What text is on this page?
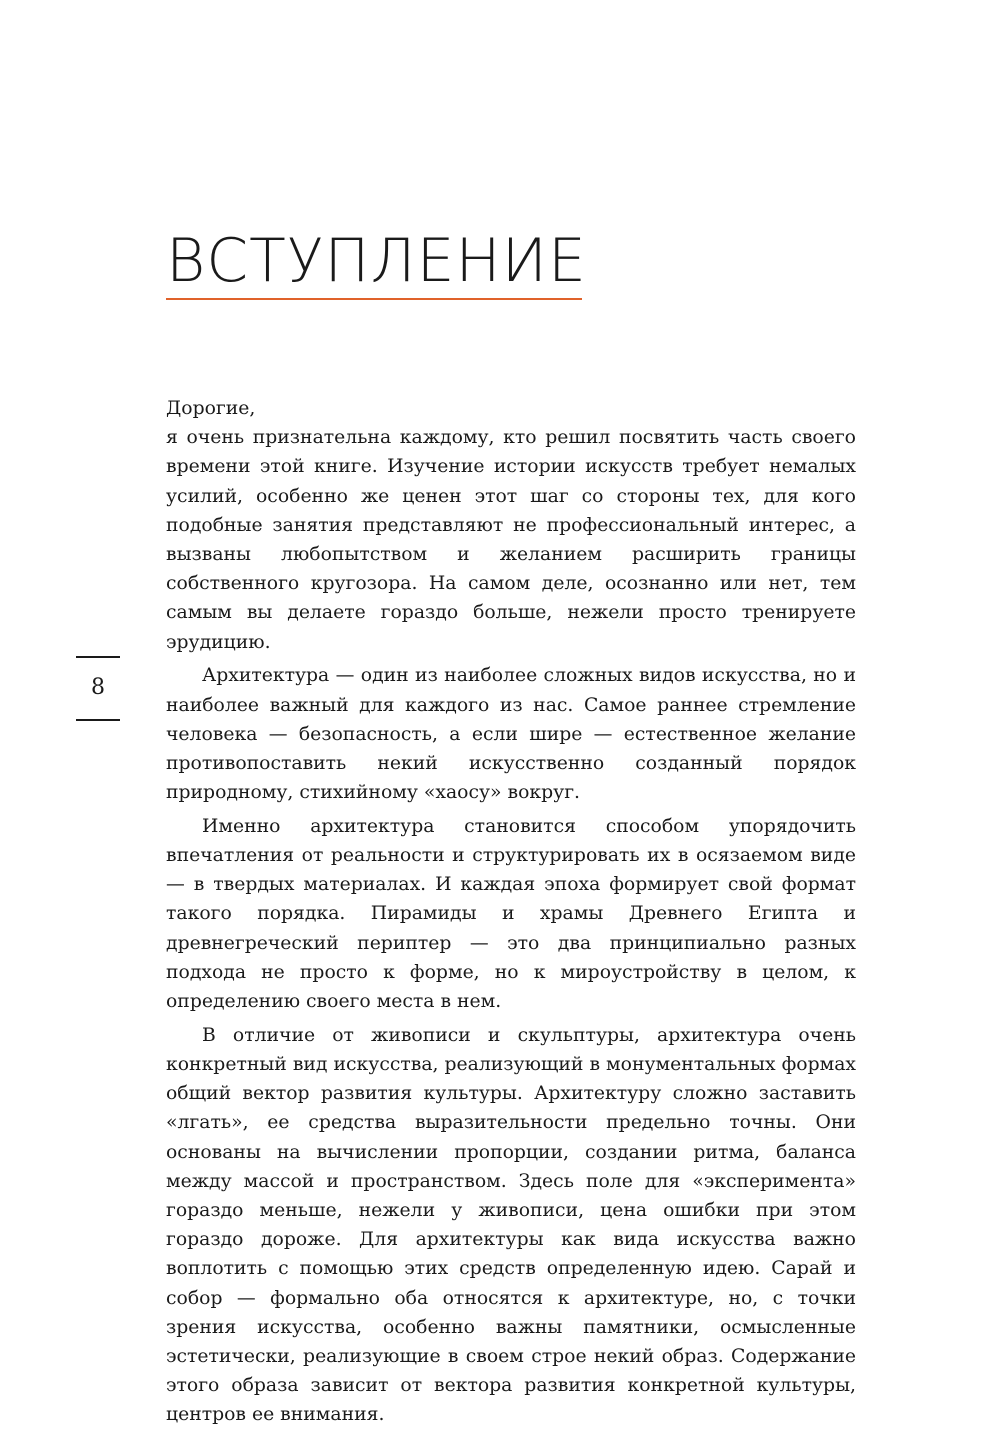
ВСТУПЛЕНИЕ
8

Дорогие,

я очень признательна каждому, кто решил посвятить часть своего времени этой книге. Изучение истории искусств требует немалых усилий, особенно же ценен этот шаг со стороны тех, для кого подобные занятия представляют не профессиональный интерес, а вызваны любопытством и желанием расширить границы собственного кругозора. На самом деле, осознанно или нет, тем самым вы делаете гораздо больше, нежели просто тренируете эрудицию.

Архитектура — один из наиболее сложных видов искусства, но и наиболее важный для каждого из нас. Самое раннее стремление человека — безопасность, а если шире — естественное желание противопоставить некий искусственно созданный порядок природному, стихийному «хаосу» вокруг.

Именно архитектура становится способом упорядочить впечатления от реальности и структурировать их в осязаемом виде — в твердых материалах. И каждая эпоха формирует свой формат такого порядка. Пирамиды и храмы Древнего Египта и древнегреческий периптер — это два принципиально разных подхода не просто к форме, но к мироустройству в целом, к определению своего места в нем.

В отличие от живописи и скульптуры, архитектура очень конкретный вид искусства, реализующий в монументальных формах общий вектор развития культуры. Архитектуру сложно заставить «лгать», ее средства выразительности предельно точны. Они основаны на вычислении пропорции, создании ритма, баланса между массой и пространством. Здесь поле для «эксперимента» гораздо меньше, нежели у живописи, цена ошибки при этом гораздо дороже. Для архитектуры как вида искусства важно воплотить с помощью этих средств определенную идею. Сарай и собор — формально оба относятся к архитектуре, но, с точки зрения искусства, особенно важны памятники, осмысленные эстетически, реализующие в своем строе некий образ. Содержание этого образа зависит от вектора развития конкретной культуры, центров ее внимания.
